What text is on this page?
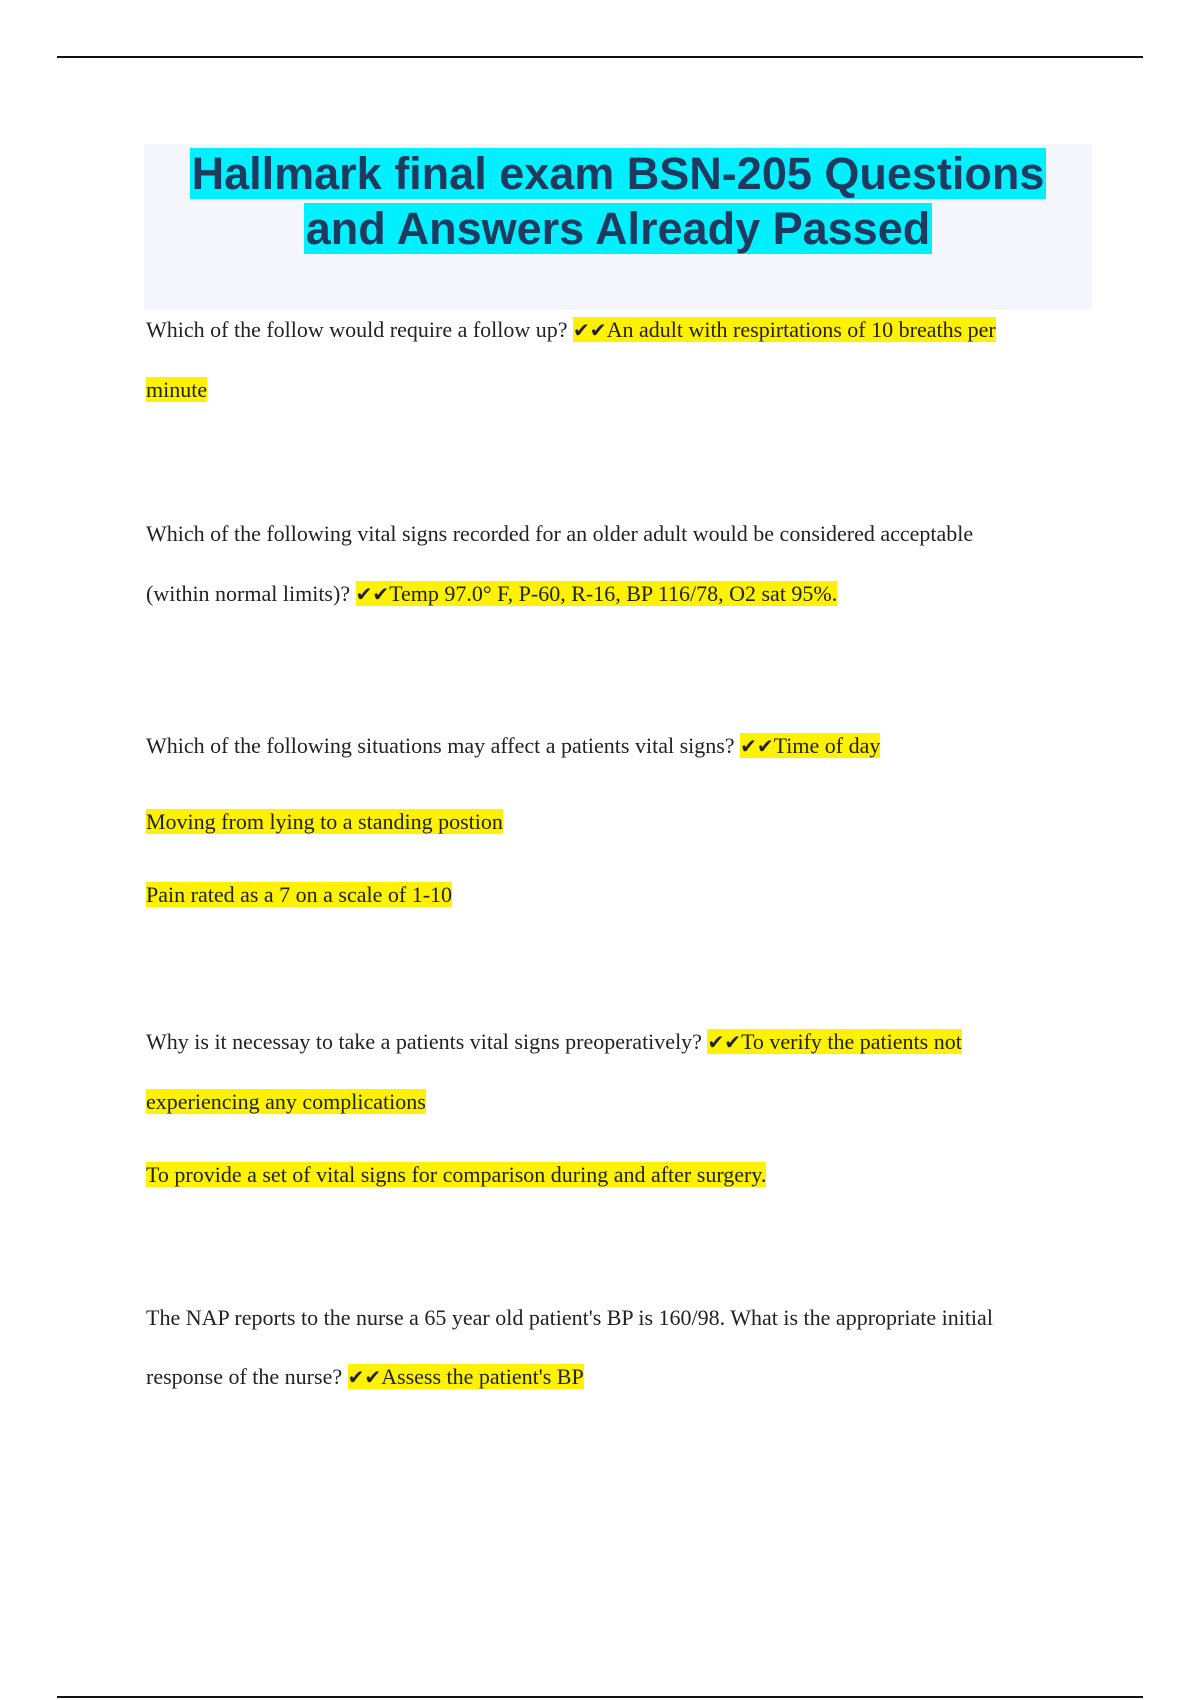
Hallmark final exam BSN-205 Questions
and Answers Already Passed
Which of the follow would require a follow up? ✔✔An adult with respirtations of 10 breaths per
minute
Which of the following vital signs recorded for an older adult would be considered acceptable
(within normal limits)? ✔✔Temp 97.0° F, P-60, R-16, BP 116/78, O2 sat 95%.
Which of the following situations may affect a patients vital signs? ✔✔Time of day
Moving from lying to a standing postion
Pain rated as a 7 on a scale of 1-10
Why is it necessay to take a patients vital signs preoperatively? ✔✔To verify the patients not
experiencing any complications
To provide a set of vital signs for comparison during and after surgery.
The NAP reports to the nurse a 65 year old patient's BP is 160/98. What is the appropriate initial
response of the nurse? ✔✔Assess the patient's BP
